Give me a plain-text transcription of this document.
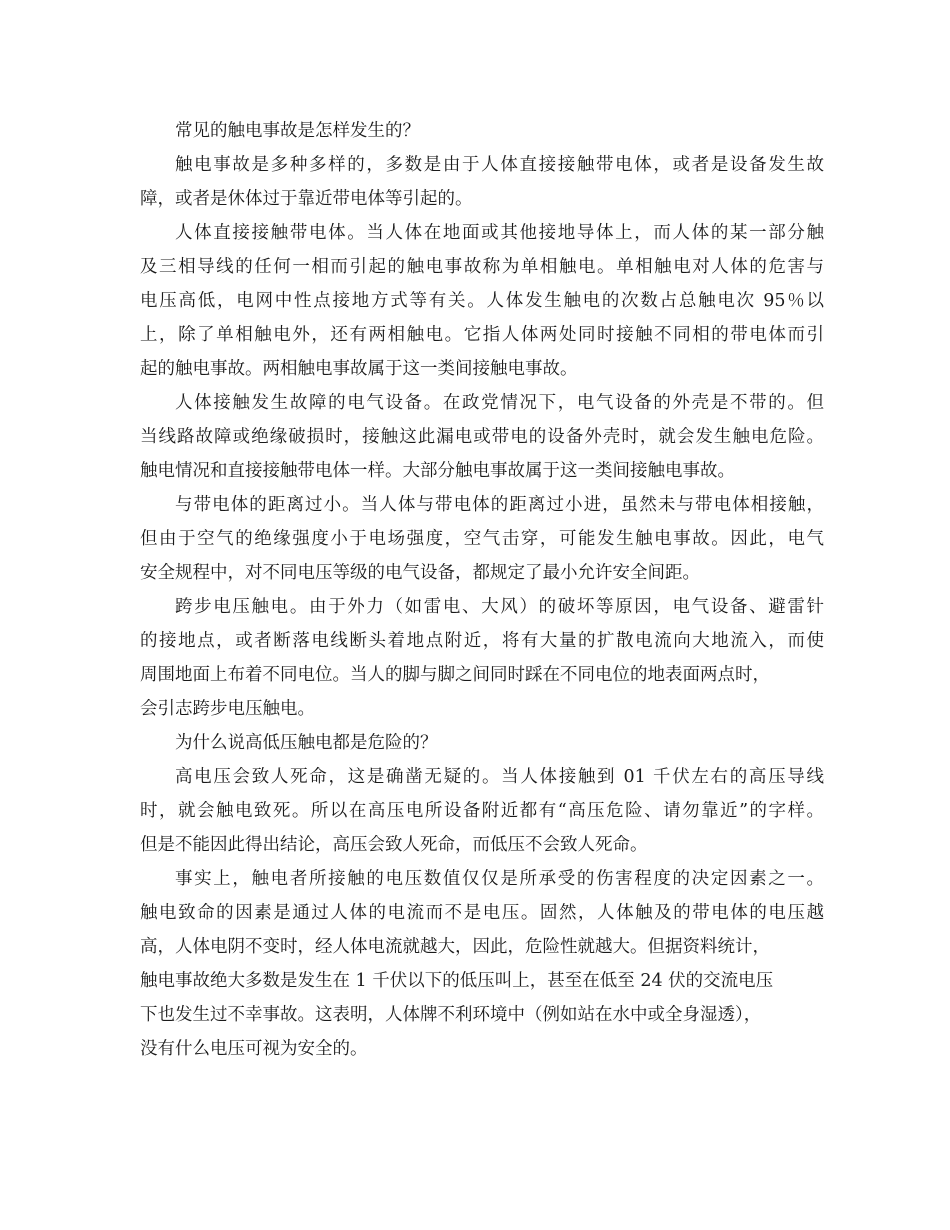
常见的触电事故是怎样发生的？
触电事故是多种多样的，多数是由于人体直接接触带电体，或者是设备发生故
障，或者是休体过于靠近带电体等引起的。
人体直接接触带电体。当人体在地面或其他接地导体上，而人体的某一部分触
及三相导线的任何一相而引起的触电事故称为单相触电。单相触电对人体的危害与
电压高低，电网中性点接地方式等有关。人体发生触电的次数占总触电次 95％以
上，除了单相触电外，还有两相触电。它指人体两处同时接触不同相的带电体而引
起的触电事故。两相触电事故属于这一类间接触电事故。
人体接触发生故障的电气设备。在政党情况下，电气设备的外壳是不带的。但
当线路故障或绝缘破损时，接触这此漏电或带电的设备外壳时，就会发生触电危险。
触电情况和直接接触带电体一样。大部分触电事故属于这一类间接触电事故。
与带电体的距离过小。当人体与带电体的距离过小进，虽然未与带电体相接触，
但由于空气的绝缘强度小于电场强度，空气击穿，可能发生触电事故。因此，电气
安全规程中，对不同电压等级的电气设备，都规定了最小允许安全间距。
跨步电压触电。由于外力（如雷电、大风）的破坏等原因，电气设备、避雷针
的接地点，或者断落电线断头着地点附近，将有大量的扩散电流向大地流入，而使
周围地面上布着不同电位。当人的脚与脚之间同时踩在不同电位的地表面两点时，
会引志跨步电压触电。
为什么说高低压触电都是危险的？
高电压会致人死命，这是确凿无疑的。当人体接触到 01 千伏左右的高压导线
时，就会触电致死。所以在高压电所设备附近都有“高压危险、请勿靠近”的字样。
但是不能因此得出结论，高压会致人死命，而低压不会致人死命。
事实上，触电者所接触的电压数值仅仅是所承受的伤害程度的决定因素之一。
触电致命的因素是通过人体的电流而不是电压。固然，人体触及的带电体的电压越
高，人体电阴不变时，经人体电流就越大，因此，危险性就越大。但据资料统计，
触电事故绝大多数是发生在 1 千伏以下的低压叫上，甚至在低至 24 伏的交流电压
下也发生过不幸事故。这表明，人体牌不利环境中（例如站在水中或全身湿透），
没有什么电压可视为安全的。
